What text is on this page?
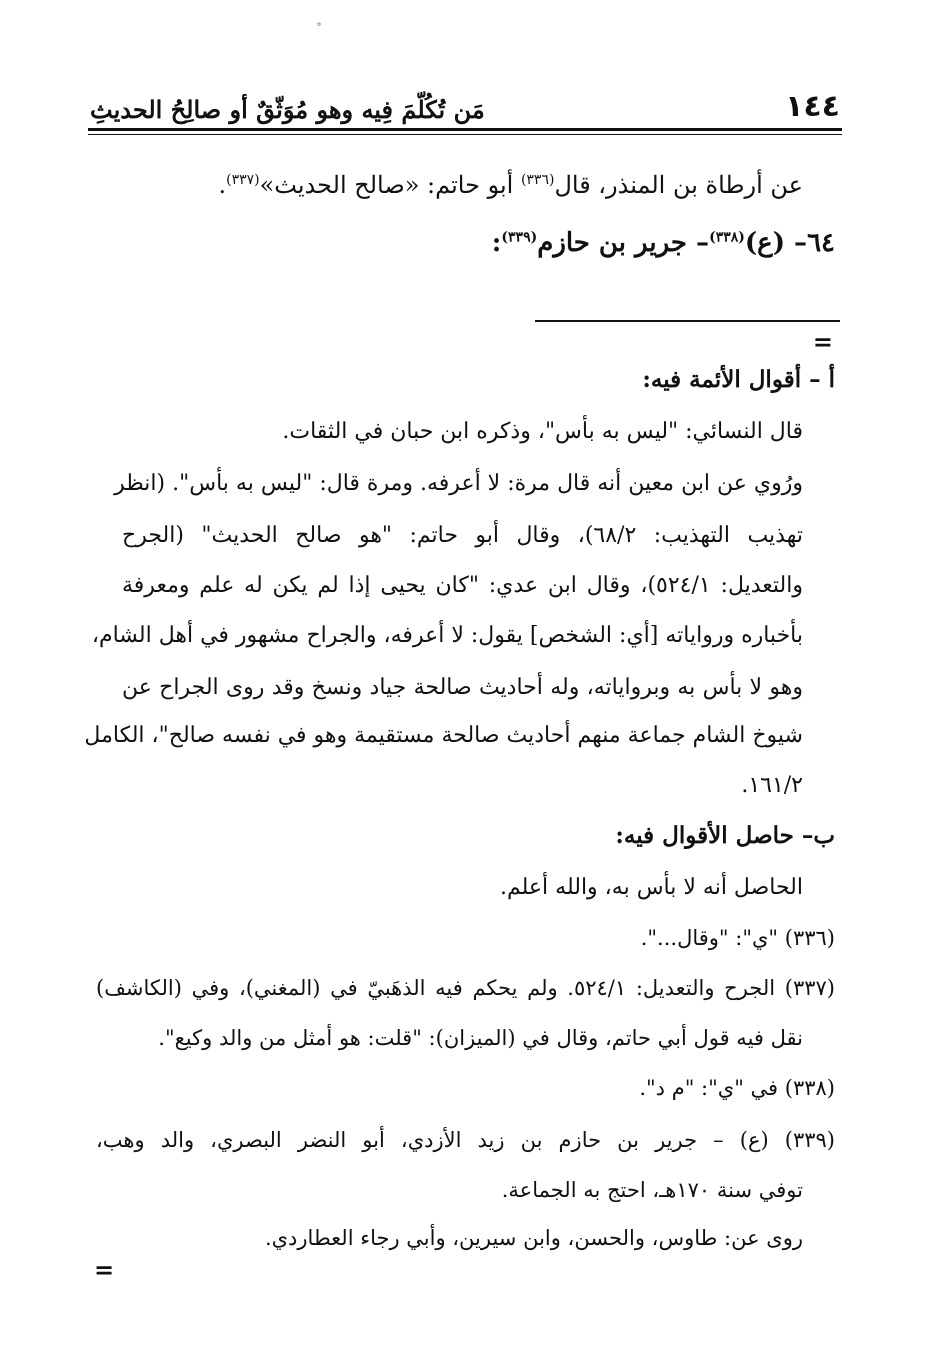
١٤٤
مَن تُكُلّمَ فِيه وهو مُوَثّقٌ أو صالِحُ الحديثِ
عن أرطاة بن المنذر، قال$^{(٣٣٦)}$ أبو حاتم: «صالح الحديث»$^{(٣٣٧)}$.
٦٤– (ع)$^{(٣٣٨)}$– جرير بن حازم$^{(٣٣٩)}$:
=
أ – أقوال الأئمة فيه:
قال النسائي: "ليس به بأس"، وذكره ابن حبان في الثقات.
ورُوي عن ابن معين أنه قال مرة: لا أعرفه. ومرة قال: "ليس به بأس". (انظر
تهذيب التهذيب: ٦٨/٢)، وقال أبو حاتم: "هو صالح الحديث" (الجرح
والتعديل: ٥٢٤/١)، وقال ابن عدي: "كان يحيى إذا لم يكن له علم ومعرفة
بأخباره ورواياته [أي: الشخص] يقول: لا أعرفه، والجراح مشهور في أهل الشام،
وهو لا بأس به وبرواياته، وله أحاديث صالحة جياد ونسخ وقد روى الجراح عن
شيوخ الشام جماعة منهم أحاديث صالحة مستقيمة وهو في نفسه صالح"، الكامل
١٦١/٢.
ب– حاصل الأقوال فيه:
الحاصل أنه لا بأس به، والله أعلم.
(٣٣٦) "ي": "وقال...".
(٣٣٧) الجرح والتعديل: ٥٢٤/١. ولم يحكم فيه الذهَبيّ في (المغني)، وفي (الكاشف)
نقل فيه قول أبي حاتم، وقال في (الميزان): "قلت: هو أمثل من والد وكيع".
(٣٣٨) في "ي": "م د".
(٣٣٩) (ع) – جرير بن حازم بن زيد الأزدي، أبو النضر البصري، والد وهب،
توفي سنة ١٧٠هـ، احتج به الجماعة.
روى عن: طاوس، والحسن، وابن سيرين، وأبي رجاء العطاردي.
=
